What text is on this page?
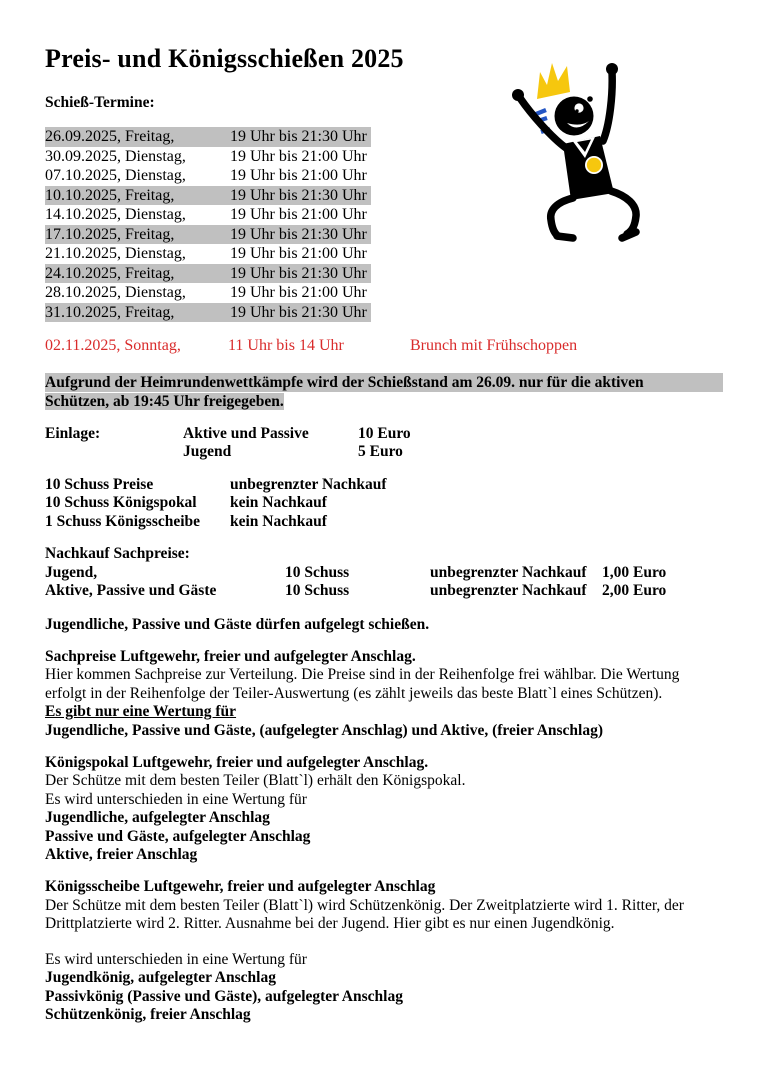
Preis- und Königsschießen 2025
Schieß-Termine:
26.09.2025, Freitag,	19 Uhr bis 21:30 Uhr
30.09.2025, Dienstag,	19 Uhr bis 21:00 Uhr
07.10.2025, Dienstag,	19 Uhr bis 21:00 Uhr
10.10.2025, Freitag,	19 Uhr bis 21:30 Uhr
14.10.2025, Dienstag,	19 Uhr bis 21:00 Uhr
17.10.2025, Freitag,	19 Uhr bis 21:30 Uhr
21.10.2025, Dienstag,	19 Uhr bis 21:00 Uhr
24.10.2025, Freitag,	19 Uhr bis 21:30 Uhr
28.10.2025, Dienstag,	19 Uhr bis 21:00 Uhr
31.10.2025, Freitag,	19 Uhr bis 21:30 Uhr
02.11.2025, Sonntag,	11 Uhr bis 14 Uhr	Brunch mit Frühschoppen
Aufgrund der Heimrundenwettkämpfe wird der Schießstand am 26.09. nur für die aktiven
Schützen, ab 19:45 Uhr freigegeben.
Einlage:	Aktive und Passive	10 Euro
Jugend	5 Euro
10 Schuss Preise	unbegrenzter Nachkauf
10 Schuss Königspokal	kein Nachkauf
1 Schuss Königsscheibe	kein Nachkauf
Nachkauf Sachpreise:
Jugend,	10 Schuss	unbegrenzter Nachkauf 1,00 Euro
Aktive, Passive und Gäste	10 Schuss	unbegrenzter Nachkauf 2,00 Euro
Jugendliche, Passive und Gäste dürfen aufgelegt schießen.
Sachpreise Luftgewehr, freier und aufgelegter Anschlag.
Hier kommen Sachpreise zur Verteilung. Die Preise sind in der Reihenfolge frei wählbar. Die Wertung erfolgt in der Reihenfolge der Teiler-Auswertung (es zählt jeweils das beste Blatt`l eines Schützen).
Es gibt nur eine Wertung für
Jugendliche, Passive und Gäste, (aufgelegter Anschlag) und Aktive, (freier Anschlag)
Königspokal Luftgewehr, freier und aufgelegter Anschlag.
Der Schütze mit dem besten Teiler (Blatt`l) erhält den Königspokal.
Es wird unterschieden in eine Wertung für
Jugendliche, aufgelegter Anschlag
Passive und Gäste, aufgelegter Anschlag
Aktive, freier Anschlag
Königsscheibe Luftgewehr, freier und aufgelegter Anschlag
Der Schütze mit dem besten Teiler (Blatt`l) wird Schützenkönig. Der Zweitplatzierte wird 1. Ritter, der Drittplatzierte wird 2. Ritter. Ausnahme bei der Jugend. Hier gibt es nur einen Jugendkönig.
Es wird unterschieden in eine Wertung für
Jugendkönig, aufgelegter Anschlag
Passivkönig (Passive und Gäste), aufgelegter Anschlag
Schützenkönig, freier Anschlag
